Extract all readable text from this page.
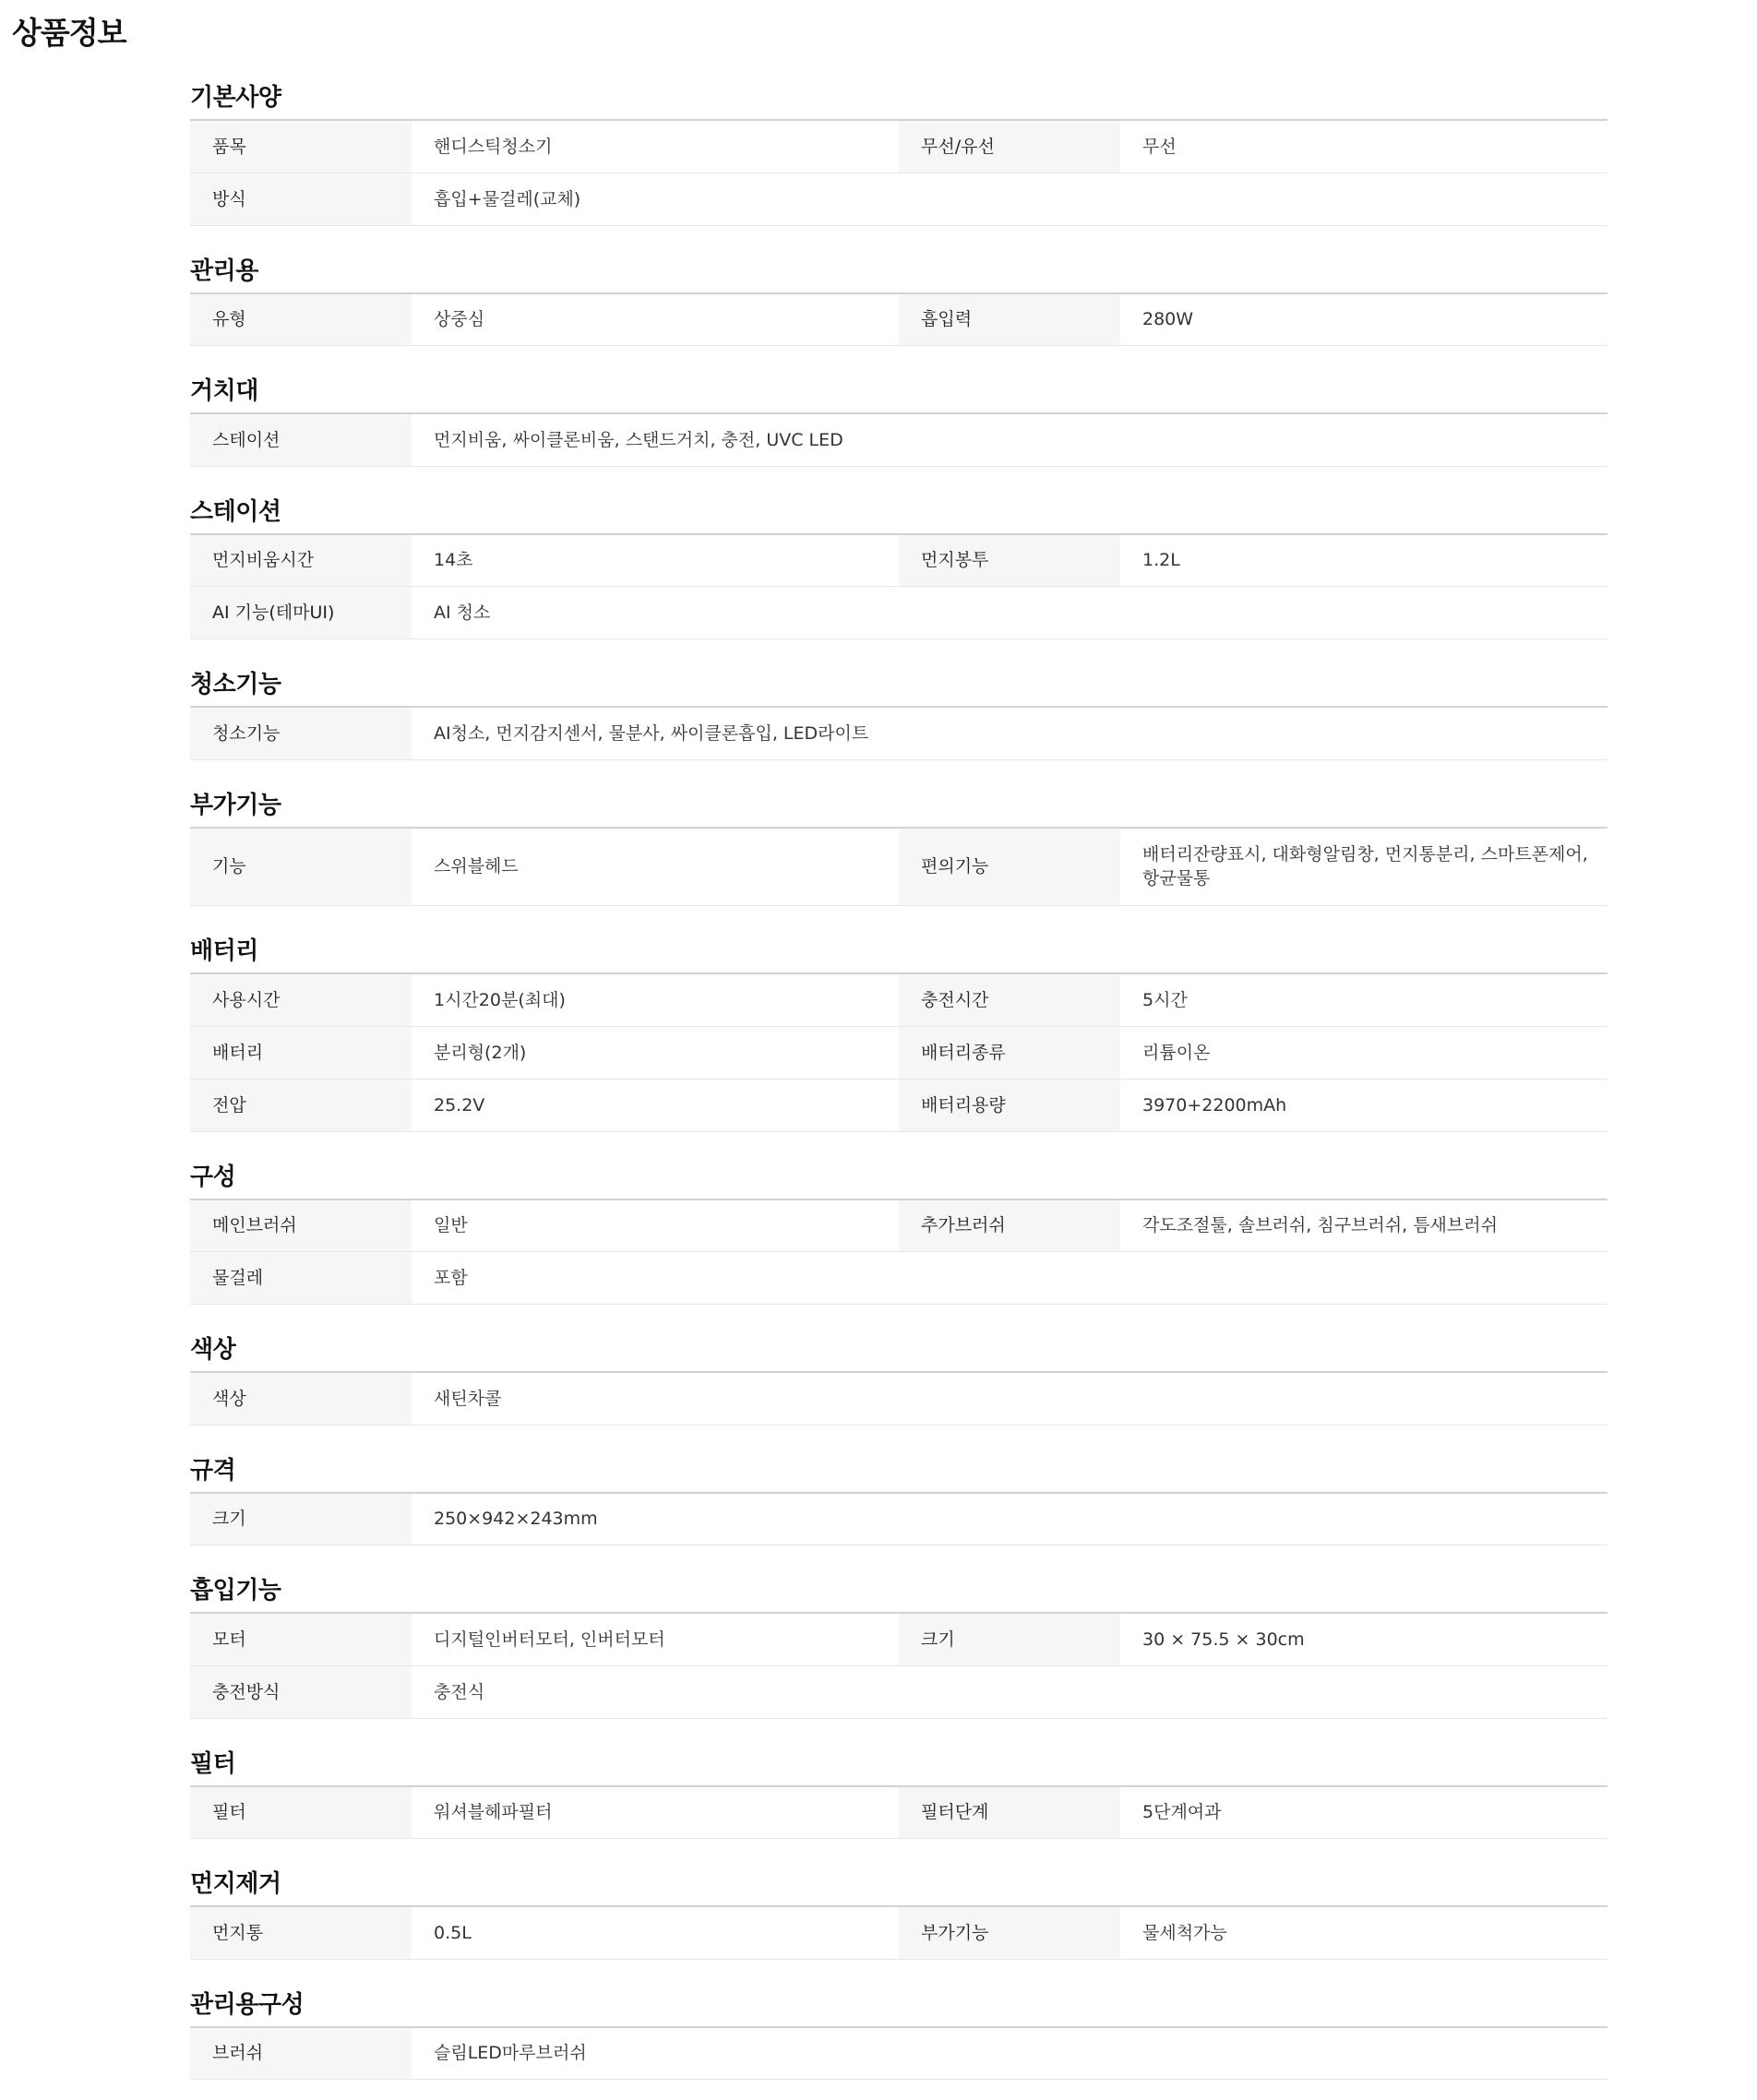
상품정보
기본사양
품목	핸디스틱청소기	무선/유선	무선
방식	흡입+물걸레(교체)		
관리용
유형	상중심	흡입력	280W
거치대
스테이션	먼지비움, 싸이클론비움, 스탠드거치, 충전, UVC LED
스테이션
먼지비움시간	14초	먼지봉투	1.2L
AI 기능(테마UI)	AI 청소		
청소기능
청소기능	AI청소, 먼지감지센서, 물분사, 싸이클론흡입, LED라이트
부가기능
기능	스위블헤드	편의기능	배터리잔량표시, 대화형알림창, 먼지통분리, 스마트폰제어, 항균물통
배터리
사용시간	1시간20분(최대)	충전시간	5시간
배터리	분리형(2개)	배터리종류	리튬이온
전압	25.2V	배터리용량	3970+2200mAh
구성
메인브러쉬	일반	추가브러쉬	각도조절툴, 솔브러쉬, 침구브러쉬, 틈새브러쉬
물걸레	포함		
색상
색상	새틴차콜
규격
크기	250×942×243mm
흡입기능
모터	디지털인버터모터, 인버터모터	크기	30 × 75.5 × 30cm
충전방식	충전식		
필터
필터	워셔블헤파필터	필터단계	5단계여과
먼지제거
먼지통	0.5L	부가기능	물세척가능
관리용구성
브러쉬	슬림LED마루브러쉬
